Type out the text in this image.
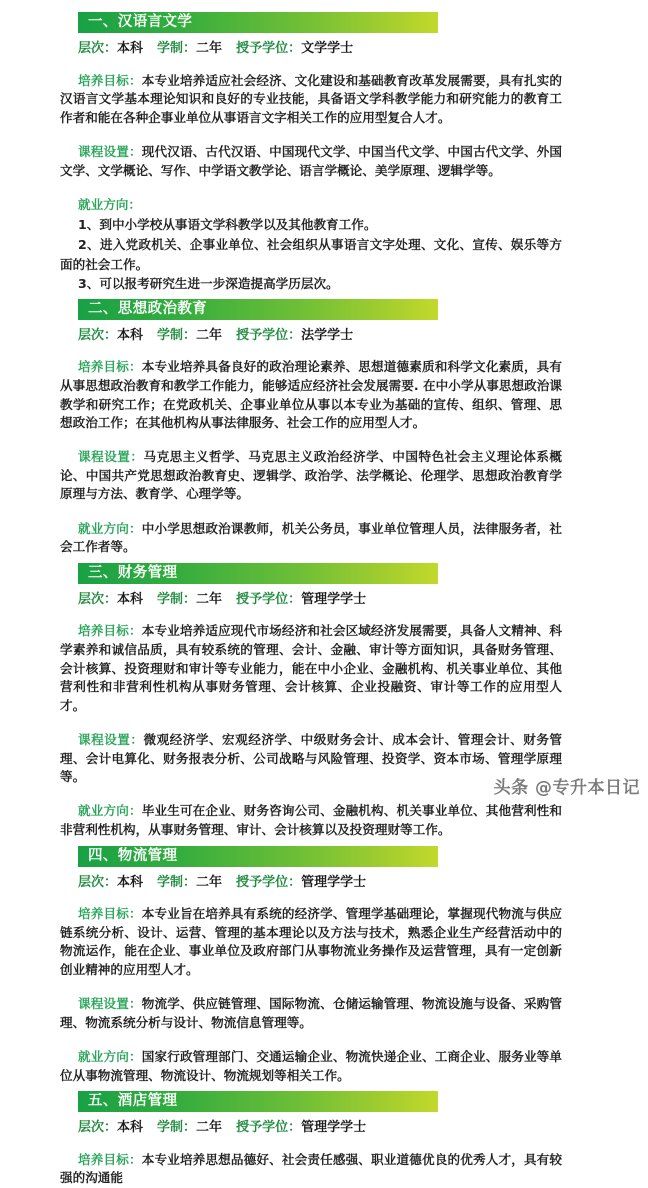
一、汉语言文学
层次：本科 学制：二年 授予学位：文学学士

培养目标：本专业培养适应社会经济、文化建设和基础教育改革发展需要，具有扎实的汉语言文学基本理论知识和良好的专业技能，具备语文学科教学能力和研究能力的教育工作者和能在各种企事业单位从事语言文字相关工作的应用型复合人才。

课程设置：现代汉语、古代汉语、中国现代文学、中国当代文学、中国古代文学、外国文学、文学概论、写作、中学语文教学论、语言学概论、美学原理、逻辑学等。

就业方向：

1、到中小学校从事语文学科教学以及其他教育工作。
2、进入党政机关、企事业单位、社会组织从事语言文字处理、文化、宣传、娱乐等方面的社会工作。
3、可以报考研究生进一步深造提高学历层次。
二、思想政治教育
层次：本科 学制：二年 授予学位：法学学士

培养目标：本专业培养具备良好的政治理论素养、思想道德素质和科学文化素质，具有从事思想政治教育和教学工作能力，能够适应经济社会发展需要. 在中小学从事思想政治课教学和研究工作；在党政机关、企事业单位从事以本专业为基础的宣传、组织、管理、思想政治工作；在其他机构从事法律服务、社会工作的应用型人才。

课程设置：马克思主义哲学、马克思主义政治经济学、中国特色社会主义理论体系概论、中国共产党思想政治教育史、逻辑学、政治学、法学概论、伦理学、思想政治教育学原理与方法、教育学、心理学等。

就业方向：中小学思想政治课教师，机关公务员，事业单位管理人员，法律服务者，社会工作者等。

三、财务管理
层次：本科 学制：二年 授予学位：管理学学士

培养目标：本专业培养适应现代市场经济和社会区域经济发展需要，具备人文精神、科学素养和诚信品质，具有较系统的管理、会计、金融、审计等方面知识，具备财务管理、会计核算、投资理财和审计等专业能力，能在中小企业、金融机构、机关事业单位、其他营利性和非营利性机构从事财务管理、会计核算、企业投融资、审计等工作的应用型人才。

课程设置：微观经济学、宏观经济学、中级财务会计、成本会计、管理会计、财务管理、会计电算化、财务报表分析、公司战略与风险管理、投资学、资本市场、管理学原理等。

就业方向：毕业生可在企业、财务咨询公司、金融机构、机关事业单位、其他营利性和非营利性机构，从事财务管理、审计、会计核算以及投资理财等工作。

四、物流管理
层次：本科 学制：二年 授予学位：管理学学士

培养目标：本专业旨在培养具有系统的经济学、管理学基础理论，掌握现代物流与供应链系统分析、设计、运营、管理的基本理论以及方法与技术，熟悉企业生产经营活动中的物流运作，能在企业、事业单位及政府部门从事物流业务操作及运营管理，具有一定创新创业精神的应用型人才。

课程设置：物流学、供应链管理、国际物流、仓储运输管理、物流设施与设备、采购管理、物流系统分析与设计、物流信息管理等。

就业方向：国家行政管理部门、交通运输企业、物流快递企业、工商企业、服务业等单位从事物流管理、物流设计、物流规划等相关工作。

五、酒店管理
层次：本科 学制：二年 授予学位：管理学学士

培养目标：本专业培养思想品德好、社会责任感强、职业道德优良的优秀人才，具有较强的沟通能

头条 @专升本日记
